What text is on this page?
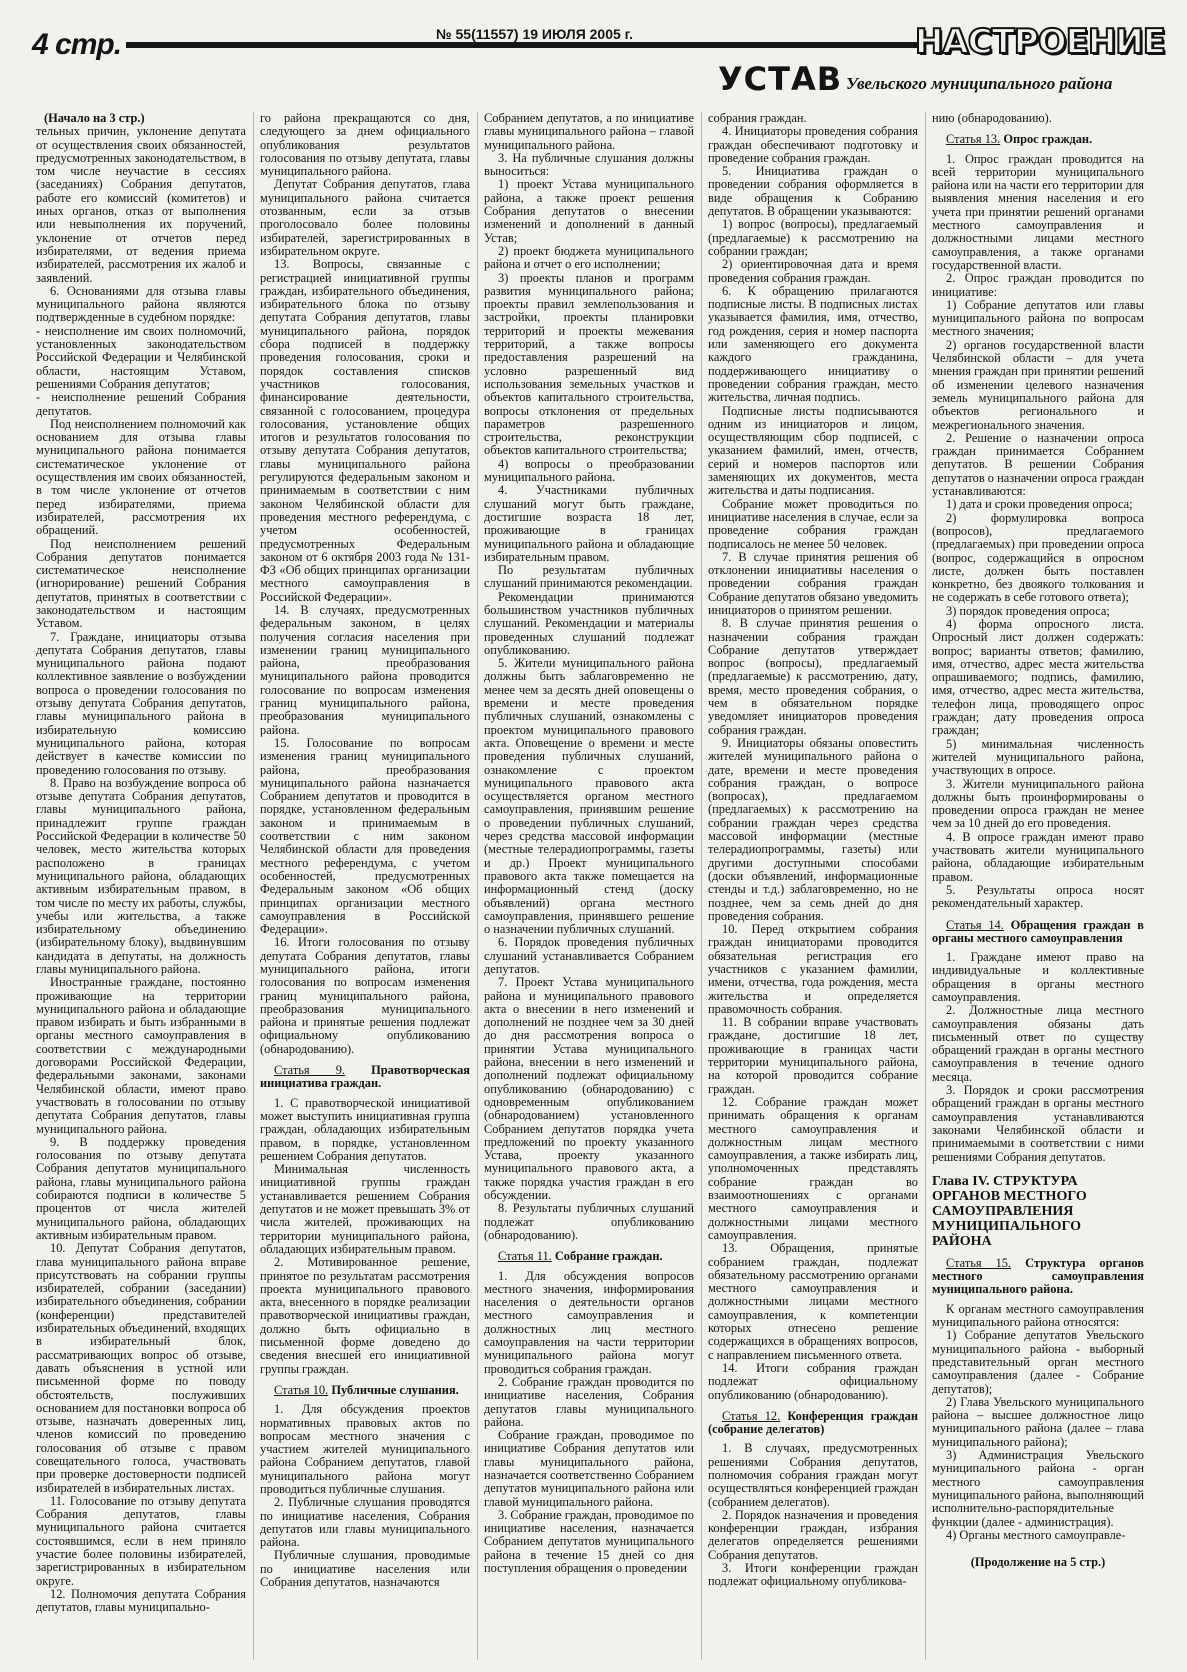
4 стр.	№ 55(11557) 19 ИЮЛЯ 2005 г.	НАСТРОЕНИЕ
УСТАВ Увельского муниципального района

(Начало на 3 стр.)

тельных причин, уклонение депутата от осуществления своих обязанностей, предусмотренных законодательством, в том числе неучастие в сессиях (заседаниях) Собрания депутатов, работе его комиссий (комитетов) и иных органов, отказ от выполнения или невыполнения их поручений, уклонение от отчетов перед избирателями, от ведения приема избирателей, рассмотрения их жалоб и заявлений.

6. Основаниями для отзыва главы муниципального района являются подтвержденные в судебном порядке:
- неисполнение им своих полномочий, установленных законодательством Российской Федерации и Челябинской области, настоящим Уставом, решениями Собрания депутатов;
- неисполнение решений Собрания депутатов.

Под неисполнением полномочий как основанием для отзыва главы муниципального района понимается систематическое уклонение от осуществления им своих обязанностей, в том числе уклонение от отчетов перед избирателями, приема избирателей, рассмотрения их обращений.

Под неисполнением решений Собрания депутатов понимается систематическое неисполнение (игнорирование) решений Собрания депутатов, принятых в соответствии с законодательством и настоящим Уставом.

7. Граждане, инициаторы отзыва депутата Собрания депутатов, главы муниципального района подают коллективное заявление о возбуждении вопроса о проведении голосования по отзыву депутата Собрания депутатов, главы муниципального района в избирательную комиссию муниципального района, которая действует в качестве комиссии по проведению голосования по отзыву.

8. Право на возбуждение вопроса об отзыве депутата Собрания депутатов, главы муниципального района, принадлежит группе граждан Российской Федерации в количестве 50 человек, место жительства которых расположено в границах муниципального района, обладающих активным избирательным правом, в том числе по месту их работы, службы, учебы или жительства, а также избирательному объединению (избирательному блоку), выдвинувшим кандидата в депутаты, на должность главы муниципального района.

Иностранные граждане, постоянно проживающие на территории муниципального района и обладающие правом избирать и быть избранными в органы местного самоуправления в соответствии с международными договорами Российской Федерации, федеральными законами, законами Челябинской области, имеют право участвовать в голосовании по отзыву депутата Собрания депутатов, главы муниципального района.

9. В поддержку проведения голосования по отзыву депутата Собрания депутатов муниципального района, главы муниципального района собираются подписи в количестве 5 процентов от числа жителей муниципального района, обладающих активным избирательным правом.

10. Депутат Собрания депутатов, глава муниципального района вправе присутствовать на собрании группы избирателей, собрании (заседании) избирательного объединения, собрании (конференции) представителей избирательных объединений, входящих в избирательный блок, рассматривающих вопрос об отзыве, давать объяснения в устной или письменной форме по поводу обстоятельств, послуживших основанием для постановки вопроса об отзыве, назначать доверенных лиц, членов комиссий по проведению голосования об отзыве с правом совещательного голоса, участвовать при проверке достоверности подписей избирателей в избирательных листах.

11. Голосование по отзыву депутата Собрания депутатов, главы муниципального района считается состоявшимся, если в нем приняло участие более половины избирателей, зарегистрированных в избирательном округе.

12. Полномочия депутата Собрания депутатов, главы муниципально-

го района прекращаются со дня, следующего за днем официального опубликования результатов голосования по отзыву депутата, главы муниципального района.

Депутат Собрания депутатов, глава муниципального района считается отозванным, если за отзыв проголосовало более половины избирателей, зарегистрированных в избирательном округе.

13. Вопросы, связанные с регистрацией инициативной группы граждан, избирательного объединения, избирательного блока по отзыву депутата Собрания депутатов, главы муниципального района, порядок сбора подписей в поддержку проведения голосования, сроки и порядок составления списков участников голосования, финансирование деятельности, связанной с голосованием, процедура голосования, установление общих итогов и результатов голосования по отзыву депутата Собрания депутатов, главы муниципального района регулируются федеральным законом и принимаемым в соответствии с ним законом Челябинской области для проведения местного референдума, с учетом особенностей, предусмотренных Федеральным законом от 6 октября 2003 года № 131-ФЗ «Об общих принципах организации местного самоуправления в Российской Федерации».

14. В случаях, предусмотренных федеральным законом, в целях получения согласия населения при изменении границ муниципального района, преобразования муниципального района проводится голосование по вопросам изменения границ муниципального района, преобразования муниципального района.

15. Голосование по вопросам изменения границ муниципального района, преобразования муниципального района назначается Собранием депутатов и проводится в порядке, установленном федеральным законом и принимаемым в соответствии с ним законом Челябинской области для проведения местного референдума, с учетом особенностей, предусмотренных Федеральным законом «Об общих принципах организации местного самоуправления в Российской Федерации».

16. Итоги голосования по отзыву депутата Собрания депутатов, главы муниципального района, итоги голосования по вопросам изменения границ муниципального района, преобразования муниципального района и принятые решения подлежат официальному опубликованию (обнародованию).

Статья 9. Правотворческая инициатива граждан.

1. С правотворческой инициативой может выступить инициативная группа граждан, обладающих избирательным правом, в порядке, установленном решением Собрания депутатов.

Минимальная численность инициативной группы граждан устанавливается решением Собрания депутатов и не может превышать 3% от числа жителей, проживающих на территории муниципального района, обладающих избирательным правом.

2. Мотивированное решение, принятое по результатам рассмотрения проекта муниципального правового акта, внесенного в порядке реализации правотворческой инициативы граждан, должно быть официально в письменной форме доведено до сведения внесшей его инициативной группы граждан.

Статья 10. Публичные слушания.

1. Для обсуждения проектов нормативных правовых актов по вопросам местного значения с участием жителей муниципального района Собранием депутатов, главой муниципального района могут проводиться публичные слушания.

2. Публичные слушания проводятся по инициативе населения, Собрания депутатов или главы муниципального района.

Публичные слушания, проводимые по инициативе населения или Собрания депутатов, назначаются

Собранием депутатов, а по инициативе главы муниципального района – главой муниципального района.

3. На публичные слушания должны выноситься:

1) проект Устава муниципального района, а также проект решения Собрания депутатов о внесении изменений и дополнений в данный Устав;

2) проект бюджета муниципального района и отчет о его исполнении;

3) проекты планов и программ развития муниципального района; проекты правил землепользования и застройки, проекты планировки территорий и проекты межевания территорий, а также вопросы предоставления разрешений на условно разрешенный вид использования земельных участков и объектов капитального строительства, вопросы отклонения от предельных параметров разрешенного строительства, реконструкции объектов капитального строительства;

4) вопросы о преобразовании муниципального района.

4. Участниками публичных слушаний могут быть граждане, достигшие возраста 18 лет, проживающие в границах муниципального района и обладающие избирательным правом.

По результатам публичных слушаний принимаются рекомендации.

Рекомендации принимаются большинством участников публичных слушаний. Рекомендации и материалы проведенных слушаний подлежат опубликованию.

5. Жители муниципального района должны быть заблаговременно не менее чем за десять дней оповещены о времени и месте проведения публичных слушаний, ознакомлены с проектом муниципального правового акта. Оповещение о времени и месте проведения публичных слушаний, ознакомление с проектом муниципального правового акта осуществляется органом местного самоуправления, принявшим решение о проведении публичных слушаний, через средства массовой информации (местные телерадиопрограммы, газеты и др.) Проект муниципального правового акта также помещается на информационный стенд (доску объявлений) органа местного самоуправления, принявшего решение о назначении публичных слушаний.

6. Порядок проведения публичных слушаний устанавливается Собранием депутатов.

7. Проект Устава муниципального района и муниципального правового акта о внесении в него изменений и дополнений не позднее чем за 30 дней до дня рассмотрения вопроса о принятии Устава муниципального района, внесении в него изменений и дополнений подлежат официальному опубликованию (обнародованию) с одновременным опубликованием (обнародованием) установленного Собранием депутатов порядка учета предложений по проекту указанного Устава, проекту указанного муниципального правового акта, а также порядка участия граждан в его обсуждении.

8. Результаты публичных слушаний подлежат опубликованию (обнародованию).

Статья 11. Собрание граждан.

1. Для обсуждения вопросов местного значения, информирования населения о деятельности органов местного самоуправления и должностных лиц местного самоуправления на части территории муниципального района могут проводиться собрания граждан.

2. Собрание граждан проводится по инициативе населения, Собрания депутатов главы муниципального района.

Собрание граждан, проводимое по инициативе Собрания депутатов или главы муниципального района, назначается соответственно Собранием депутатов муниципального района или главой муниципального района.

3. Собрание граждан, проводимое по инициативе населения, назначается Собранием депутатов муниципального района в течение 15 дней со дня поступления обращения о проведении

собрания граждан.

4. Инициаторы проведения собрания граждан обеспечивают подготовку и проведение собрания граждан.

5. Инициатива граждан о проведении собрания оформляется в виде обращения к Собранию депутатов. В обращении указываются:

1) вопрос (вопросы), предлагаемый (предлагаемые) к рассмотрению на собрании граждан;

2) ориентировочная дата и время проведения собрания граждан.

6. К обращению прилагаются подписные листы. В подписных листах указывается фамилия, имя, отчество, год рождения, серия и номер паспорта или заменяющего его документа каждого гражданина, поддерживающего инициативу о проведении собрания граждан, место жительства, личная подпись.

Подписные листы подписываются одним из инициаторов и лицом, осуществляющим сбор подписей, с указанием фамилий, имен, отчеств, серий и номеров паспортов или заменяющих их документов, места жительства и даты подписания.

Собрание может проводиться по инициативе населения в случае, если за проведение собрания граждан подписалось не менее 50 человек.

7. В случае принятия решения об отклонении инициативы населения о проведении собрания граждан Собрание депутатов обязано уведомить инициаторов о принятом решении.

8. В случае принятия решения о назначении собрания граждан Собрание депутатов утверждает вопрос (вопросы), предлагаемый (предлагаемые) к рассмотрению, дату, время, место проведения собрания, о чем в обязательном порядке уведомляет инициаторов проведения собрания граждан.

9. Инициаторы обязаны оповестить жителей муниципального района о дате, времени и месте проведения собрания граждан, о вопросе (вопросах), предлагаемом (предлагаемых) к рассмотрению на собрании граждан через средства массовой информации (местные телерадиопрограммы, газеты) или другими доступными способами (доски объявлений, информационные стенды и т.д.) заблаговременно, но не позднее, чем за семь дней до дня проведения собрания.

10. Перед открытием собрания граждан инициаторами проводится обязательная регистрация его участников с указанием фамилии, имени, отчества, года рождения, места жительства и определяется правомочность собрания.

11. В собрании вправе участвовать граждане, достигшие 18 лет, проживающие в границах части территории муниципального района, на которой проводится собрание граждан.

12. Собрание граждан может принимать обращения к органам местного самоуправления и должностным лицам местного самоуправления, а также избирать лиц, уполномоченных представлять собрание граждан во взаимоотношениях с органами местного самоуправления и должностными лицами местного самоуправления.

13. Обращения, принятые собранием граждан, подлежат обязательному рассмотрению органами местного самоуправления и должностными лицами местного самоуправления, к компетенции которых отнесено решение содержащихся в обращениях вопросов, с направлением письменного ответа.

14. Итоги собрания граждан подлежат официальному опубликованию (обнародованию).

Статья 12. Конференция граждан (собрание делегатов)

1. В случаях, предусмотренных решениями Собрания депутатов, полномочия собрания граждан могут осуществляться конференцией граждан (собранием делегатов).

2. Порядок назначения и проведения конференции граждан, избрания делегатов определяется решениями Собрания депутатов.

3. Итоги конференции граждан подлежат официальному опубликова-

нию (обнародованию).

Статья 13. Опрос граждан.

1. Опрос граждан проводится на всей территории муниципального района или на части его территории для выявления мнения населения и его учета при принятии решений органами местного самоуправления и должностными лицами местного самоуправления, а также органами государственной власти.

2. Опрос граждан проводится по инициативе:

1) Собрание депутатов или главы муниципального района по вопросам местного значения;

2) органов государственной власти Челябинской области – для учета мнения граждан при принятии решений об изменении целевого назначения земель муниципального района для объектов регионального и межрегионального значения.

2. Решение о назначении опроса граждан принимается Собранием депутатов. В решении Собрания депутатов о назначении опроса граждан устанавливаются:

1) дата и сроки проведения опроса;

2) формулировка вопроса (вопросов), предлагаемого (предлагаемых) при проведении опроса (вопрос, содержащийся в опросном листе, должен быть поставлен конкретно, без двоякого толкования и не содержать в себе готового ответа);

3) порядок проведения опроса;

4) форма опросного листа. Опросный лист должен содержать: вопрос; варианты ответов; фамилию, имя, отчество, адрес места жительства опрашиваемого; подпись, фамилию, имя, отчество, адрес места жительства, телефон лица, проводящего опрос граждан; дату проведения опроса граждан;

5) минимальная численность жителей муниципального района, участвующих в опросе.

3. Жители муниципального района должны быть проинформированы о проведении опроса граждан не менее чем за 10 дней до его проведения.

4. В опросе граждан имеют право участвовать жители муниципального района, обладающие избирательным правом.

5. Результаты опроса носят рекомендательный характер.

Статья 14. Обращения граждан в органы местного самоуправления

1. Граждане имеют право на индивидуальные и коллективные обращения в органы местного самоуправления.

2. Должностные лица местного самоуправления обязаны дать письменный ответ по существу обращений граждан в органы местного самоуправления в течение одного месяца.

3. Порядок и сроки рассмотрения обращений граждан в органы местного самоуправления устанавливаются законами Челябинской области и принимаемыми в соответствии с ними решениями Собрания депутатов.

Глава IV. СТРУКТУРА ОРГАНОВ МЕСТНОГО САМОУПРАВЛЕНИЯ МУНИЦИПАЛЬНОГО РАЙОНА
Статья 15. Структура органов местного самоуправления муниципального района.

К органам местного самоуправления муниципального района относятся:

1) Собрание депутатов Увельского муниципального района - выборный представительный орган местного самоуправления (далее - Собрание депутатов);

2) Глава Увельского муниципального района – высшее должностное лицо муниципального района (далее – глава муниципального района);

3) Администрация Увельского муниципального района - орган местного самоуправления муниципального района, выполняющий исполнительно-распорядительные функции (далее - администрация).

4) Органы местного самоуправле-

(Продолжение на 5 стр.)
